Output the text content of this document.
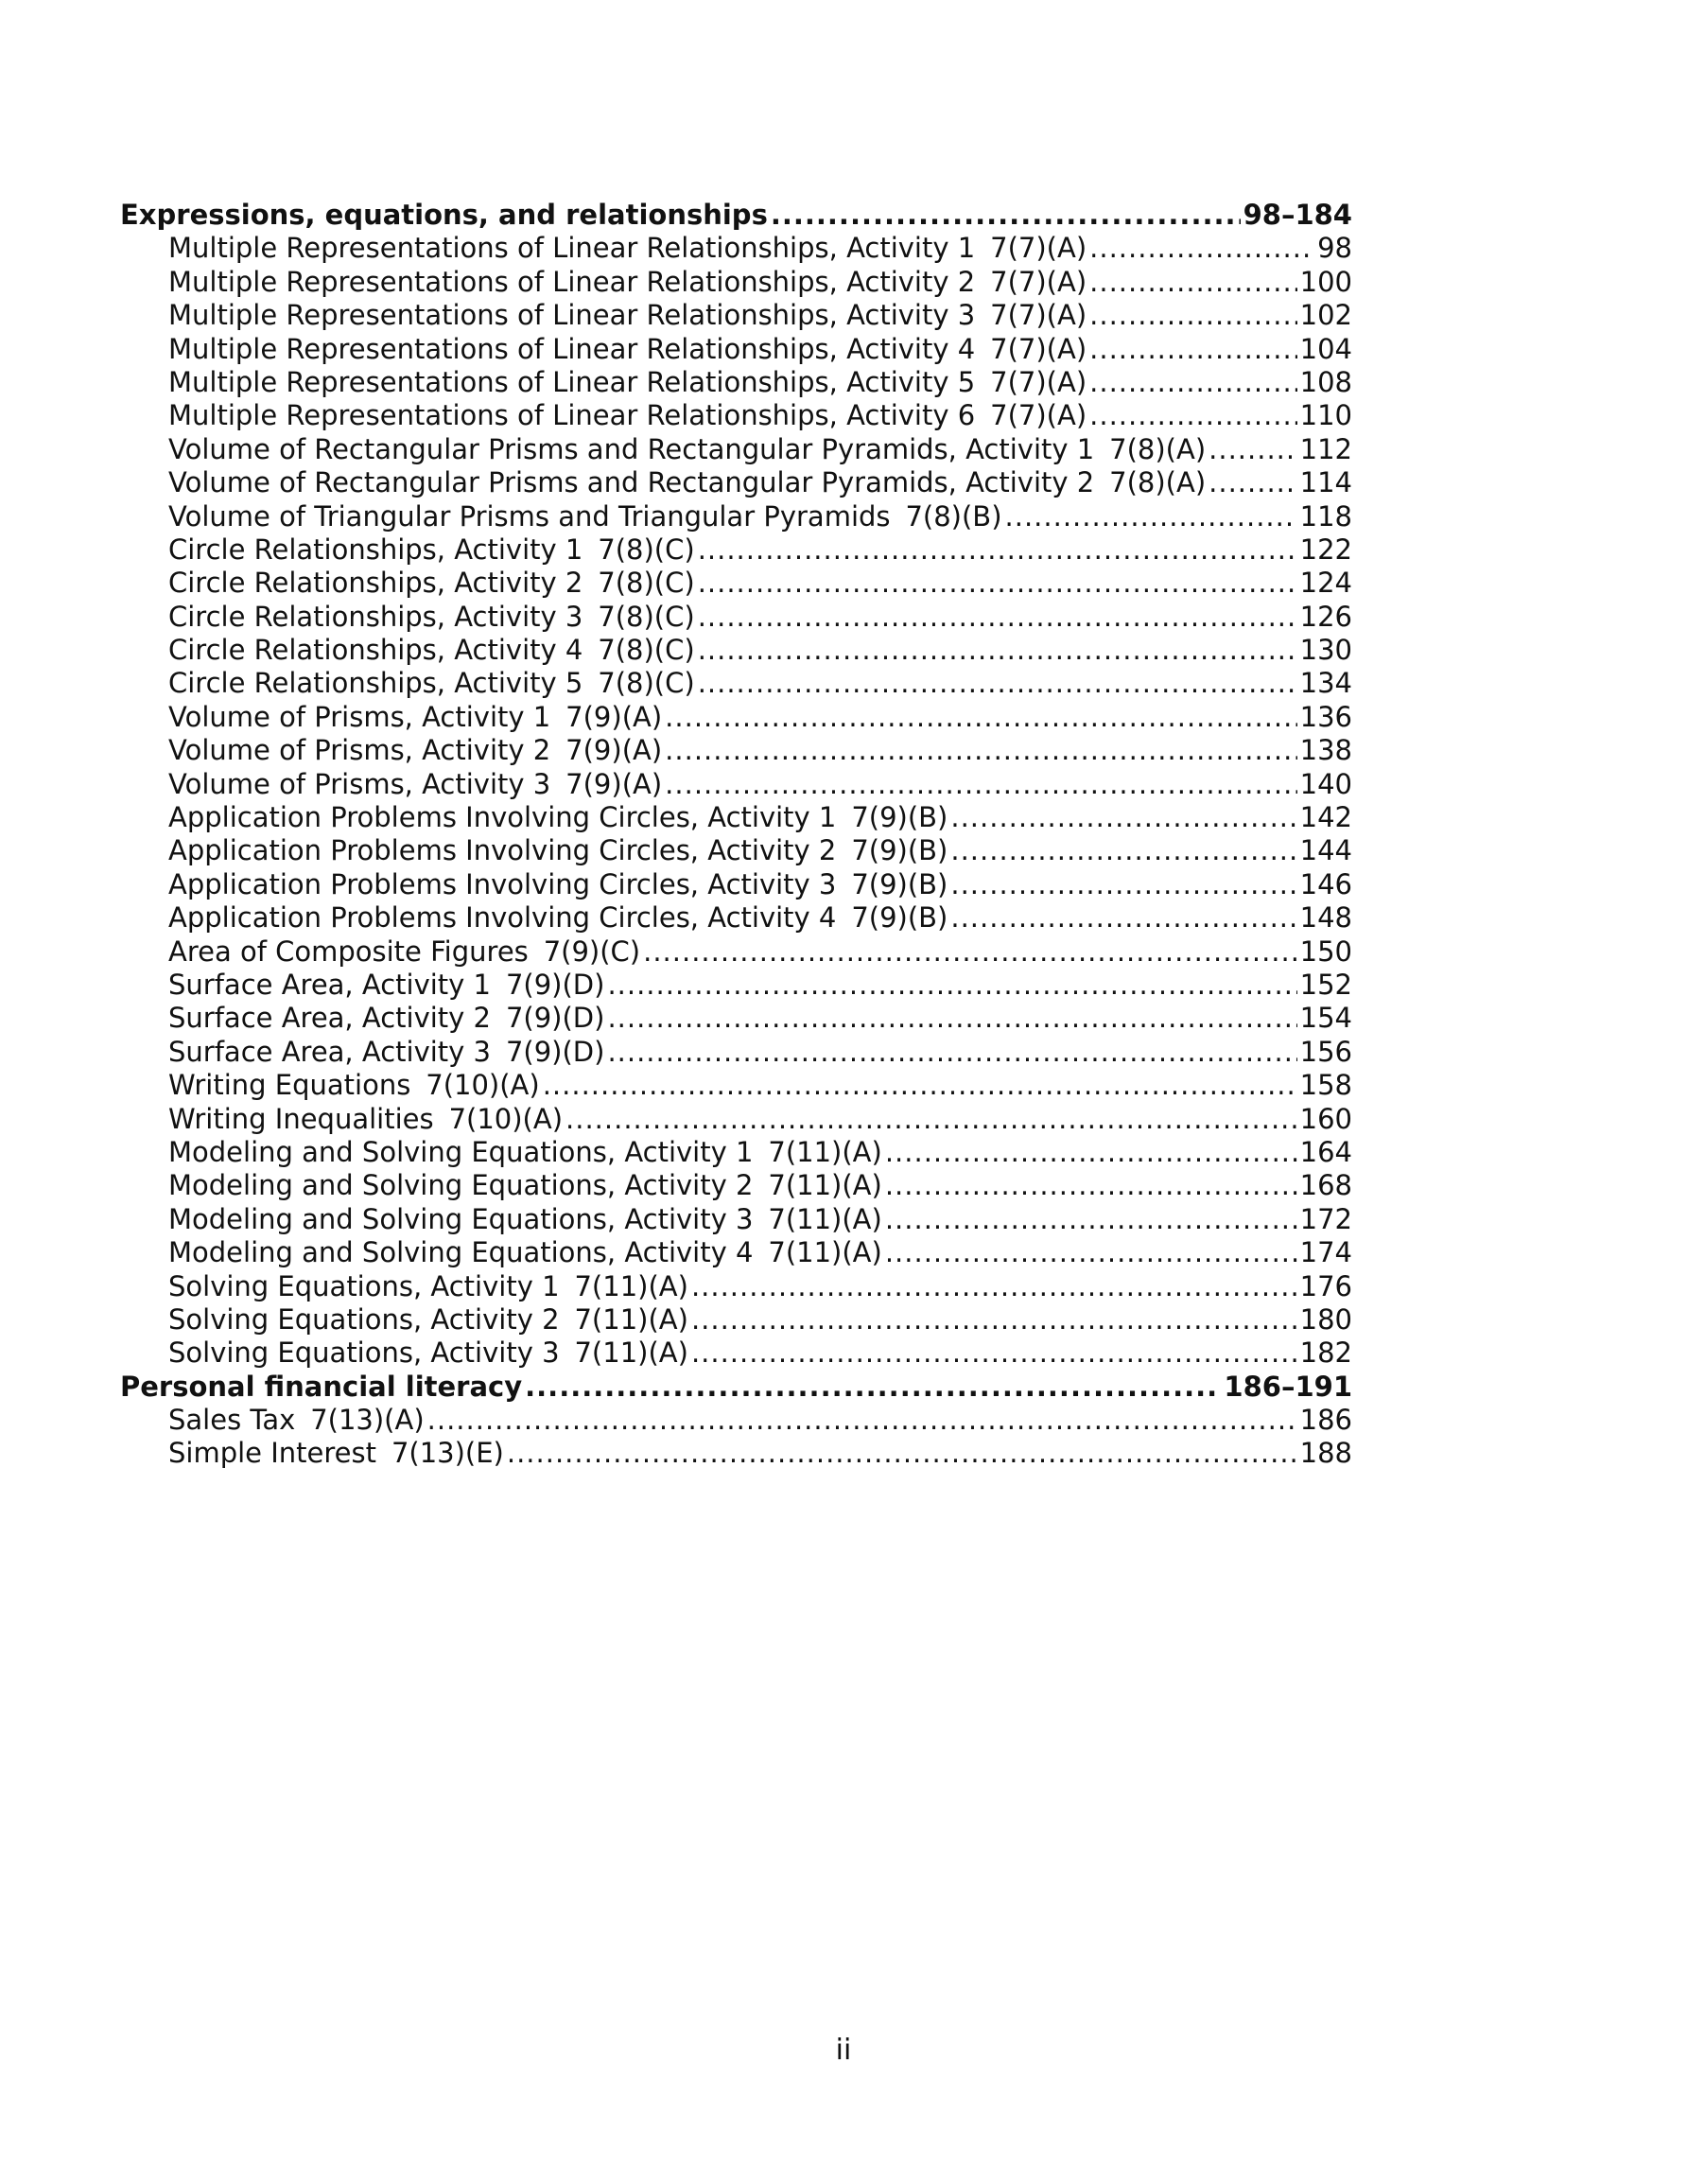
Expressions, equations, and relationships .....	98–184
Multiple Representations of Linear Relationships, Activity 1 7(7)(A) .....	98
Multiple Representations of Linear Relationships, Activity 2 7(7)(A) .....	100
Multiple Representations of Linear Relationships, Activity 3 7(7)(A) .....	102
Multiple Representations of Linear Relationships, Activity 4 7(7)(A) .....	104
Multiple Representations of Linear Relationships, Activity 5 7(7)(A) .....	108
Multiple Representations of Linear Relationships, Activity 6 7(7)(A) .....	110
Volume of Rectangular Prisms and Rectangular Pyramids, Activity 1 7(8)(A) .....	112
Volume of Rectangular Prisms and Rectangular Pyramids, Activity 2 7(8)(A) .....	114
Volume of Triangular Prisms and Triangular Pyramids 7(8)(B) .....	118
Circle Relationships, Activity 1 7(8)(C) .....	122
Circle Relationships, Activity 2 7(8)(C) .....	124
Circle Relationships, Activity 3 7(8)(C) .....	126
Circle Relationships, Activity 4 7(8)(C) .....	130
Circle Relationships, Activity 5 7(8)(C) .....	134
Volume of Prisms, Activity 1 7(9)(A) .....	136
Volume of Prisms, Activity 2 7(9)(A) .....	138
Volume of Prisms, Activity 3 7(9)(A) .....	140
Application Problems Involving Circles, Activity 1 7(9)(B) .....	142
Application Problems Involving Circles, Activity 2 7(9)(B) .....	144
Application Problems Involving Circles, Activity 3 7(9)(B) .....	146
Application Problems Involving Circles, Activity 4 7(9)(B) .....	148
Area of Composite Figures 7(9)(C) .....	150
Surface Area, Activity 1 7(9)(D) .....	152
Surface Area, Activity 2 7(9)(D) .....	154
Surface Area, Activity 3 7(9)(D) .....	156
Writing Equations 7(10)(A) .....	158
Writing Inequalities 7(10)(A) .....	160
Modeling and Solving Equations, Activity 1 7(11)(A) .....	164
Modeling and Solving Equations, Activity 2 7(11)(A) .....	168
Modeling and Solving Equations, Activity 3 7(11)(A) .....	172
Modeling and Solving Equations, Activity 4 7(11)(A) .....	174
Solving Equations, Activity 1 7(11)(A) .....	176
Solving Equations, Activity 2 7(11)(A) .....	180
Solving Equations, Activity 3 7(11)(A) .....	182
Personal financial literacy .....	186–191
Sales Tax 7(13)(A) .....	186
Simple Interest 7(13)(E) .....	188
ii
